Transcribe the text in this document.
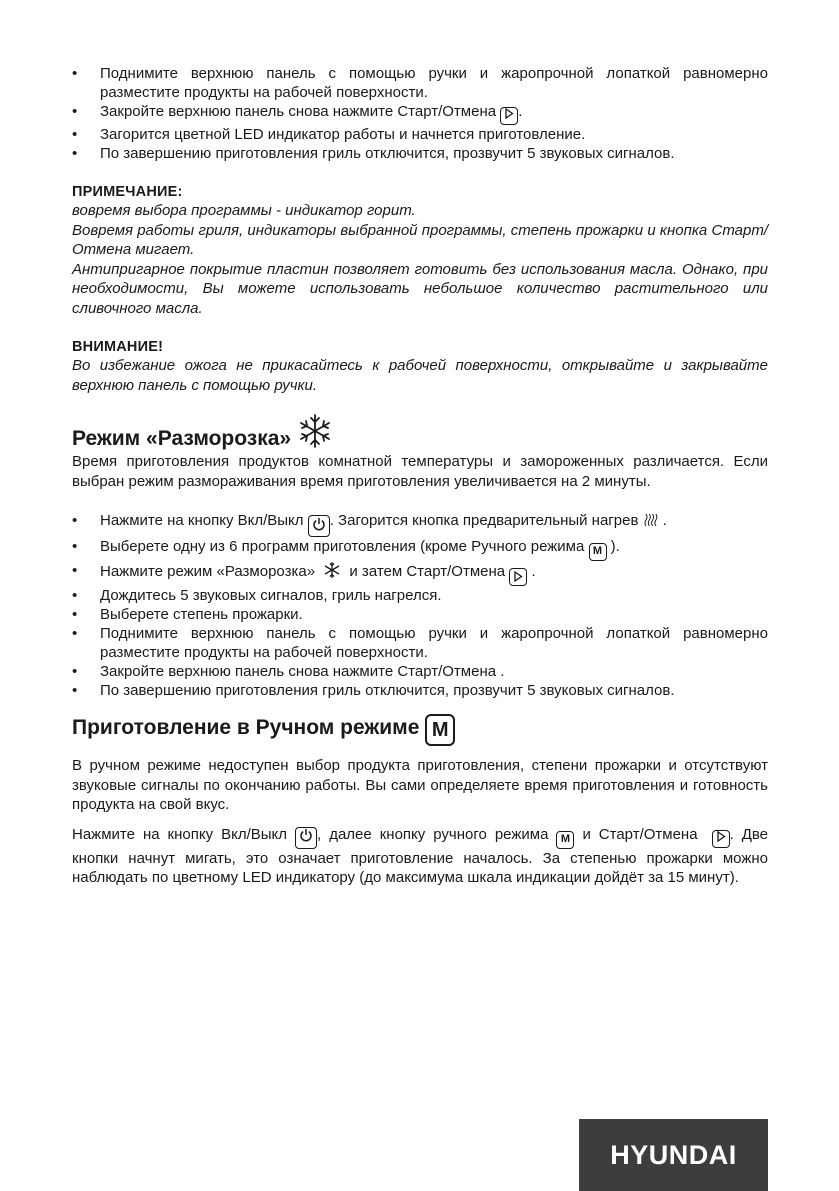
• Поднимите верхнюю панель с помощью ручки и жаропрочной лопаткой равномерно разместите продукты на рабочей поверхности.
• Закройте верхнюю панель снова нажмите Старт/Отмена .
• Загорится цветной LED индикатор работы и начнется приготовление.
• По завершению приготовления гриль отключится, прозвучит 5 звуковых сигналов.
ПРИМЕЧАНИЕ:

вовремя выбора программы - индикатор горит.

Вовремя работы гриля, индикаторы выбранной программы, степень прожарки и кнопка Старт/Отмена мигает.

Антипригарное покрытие пластин позволяет готовить без использования масла. Однако, при необходимости, Вы можете использовать небольшое количество растительного или сливочного масла.

ВНИМАНИЕ!

Во избежание ожога не прикасайтесь к рабочей поверхности, открывайте и закрывайте верхнюю панель с помощью ручки.

Режим «Разморозка»

Время приготовления продуктов комнатной температуры и замороженных различается. Если выбран режим размораживания время приготовления увеличивается на 2 минуты.

• Нажмите на кнопку Вкл/Выкл . Загорится кнопка предварительный нагрев  .
• Выберете одну из 6 программ приготовления (кроме Ручного режима M ).
• Нажмите режим «Разморозка» и затем Старт/Отмена  .
• Дождитесь 5 звуковых сигналов, гриль нагрелся.
• Выберете степень прожарки.
• Поднимите верхнюю панель с помощью ручки и жаропрочной лопаткой равномерно разместите продукты на рабочей поверхности.
• Закройте верхнюю панель снова нажмите Старт/Отмена .
• По завершению приготовления гриль отключится, прозвучит 5 звуковых сигналов.
Приготовление в Ручном режиме M

В ручном режиме недоступен выбор продукта приготовления, степени прожарки и отсутствуют звуковые сигналы по окончанию работы. Вы сами определяете время приготовления и готовность продукта на свой вкус.

Нажмите на кнопку Вкл/Выкл , далее кнопку ручного режима M и Старт/Отмена . Две кнопки начнут мигать, это означает приготовление началось. За степенью прожарки можно наблюдать по цветному LED индикатору (до максимума шкала индикации дойдёт за 15 минут).

HYUNDAI
